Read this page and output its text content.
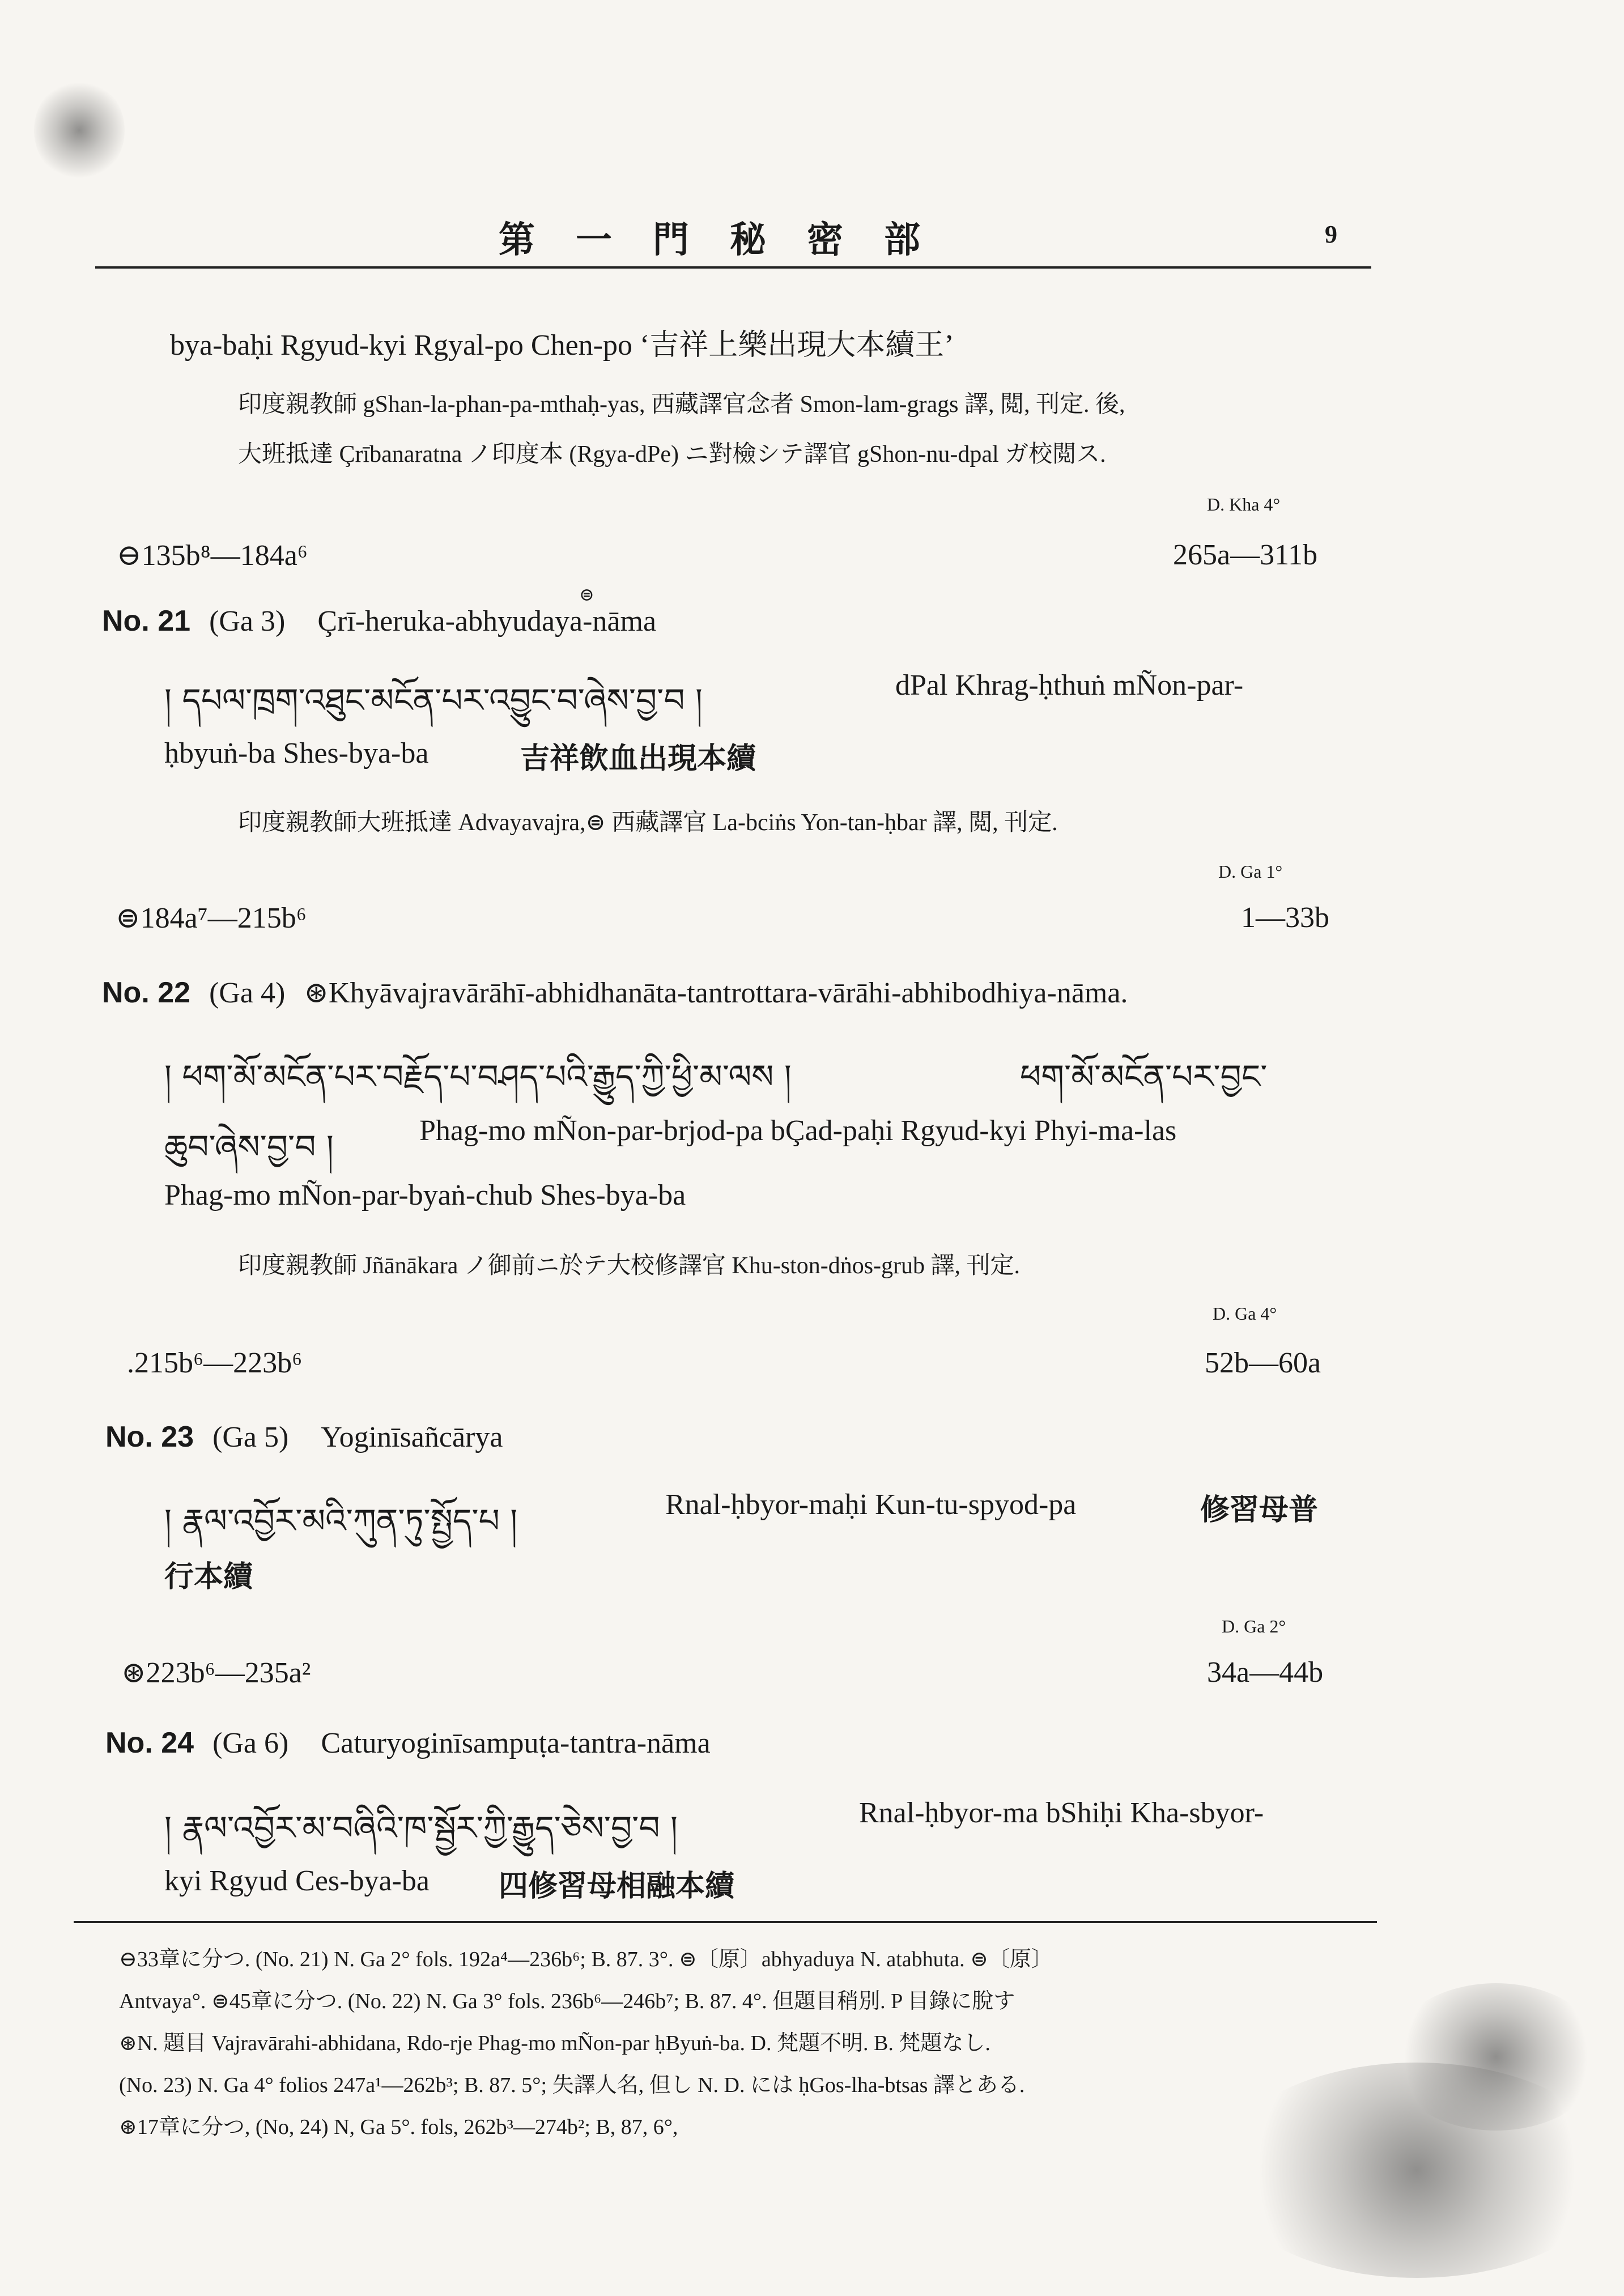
第 一 門 秘 密 部	9
bya-baḥi Rgyud-kyi Rgyal-po Chen-po ‘吉祥上樂出現大本續王’
印度親教師 gShan-la-phan-pa-mthaḥ-yas, 西藏譯官念者 Smon-lam-grags 譯, 閲, 刊定. 後,
大班抵達 Çrībanaratna ノ印度本 (Rgya-dPe) ニ對檢シテ譯官 gShon-nu-dpal ガ校閲ス.
D. Kha 4°
⊖135b⁸—184a⁶	265a—311b
No. 21 (Ga 3) Çrī-heruka-abhyudaya-nāma
⊜
། དཔལ་ཁྲག་འཐུང་མངོན་པར་འབྱུང་བ་ཞེས་བྱ་བ །	dPal Khrag-ḥthuṅ mÑon-par-
ḥbyuṅ-ba Shes-bya-ba	吉祥飲血出現本續
印度親教師大班抵達 Advayavajra,⊜ 西藏譯官 La-bciṅs Yon-tan-ḥbar 譯, 閲, 刊定.
D. Ga 1°
⊜184a⁷—215b⁶	1—33b
No. 22 (Ga 4) ⊛Khyāvajravārāhī-abhidhanāta-tantrottara-vārāhi-abhibodhiya-nāma.
། ཕག་མོ་མངོན་པར་བརྗོད་པ་བཤད་པའི་རྒྱུད་ཀྱི་ཕྱི་མ་ལས །	ཕག་མོ་མངོན་པར་བྱང་
ཆུབ་ཞེས་བྱ་བ །	Phag-mo mÑon-par-brjod-pa bÇad-paḥi Rgyud-kyi Phyi-ma-las
Phag-mo mÑon-par-byaṅ-chub Shes-bya-ba
印度親教師 Jñānākara ノ御前ニ於テ大校修譯官 Khu-ston-dṅos-grub 譯, 刊定.
D. Ga 4°
.215b⁶—223b⁶	52b—60a
No. 23 (Ga 5) Yoginīsañcārya
། རྣལ་འབྱོར་མའི་ཀུན་ཏུ་སྤྱོད་པ །	Rnal-ḥbyor-maḥi Kun-tu-spyod-pa	修習母普
行本續
D. Ga 2°
⊛223b⁶—235a²	34a—44b
No. 24 (Ga 6) Caturyoginīsampuṭa-tantra-nāma
། རྣལ་འབྱོར་མ་བཞིའི་ཁ་སྦྱོར་ཀྱི་རྒྱུད་ཅེས་བྱ་བ །	Rnal-ḥbyor-ma bShiḥi Kha-sbyor-
kyi Rgyud Ces-bya-ba 四修習母相融本續
⊖33章に分つ. (No. 21) N. Ga 2° fols. 192a⁴—236b⁶; B. 87. 3°. ⊜〔原〕abhyaduya N. atabhuta. ⊜〔原〕
Antvaya°. ⊜45章に分つ. (No. 22) N. Ga 3° fols. 236b⁶—246b⁷; B. 87. 4°. 但題目稍別. P 目錄に脫す
⊛N. 題目 Vajravārahi-abhidana, Rdo-rje Phag-mo mÑon-par ḥByuṅ-ba. D. 梵題不明. B. 梵題なし.
(No. 23) N. Ga 4° folios 247a¹—262b³; B. 87. 5°; 失譯人名, 但し N. D. には ḥGos-lha-btsas 譯とある.
⊛17章に分つ, (No, 24) N, Ga 5°. fols, 262b³—274b²; B, 87, 6°,
